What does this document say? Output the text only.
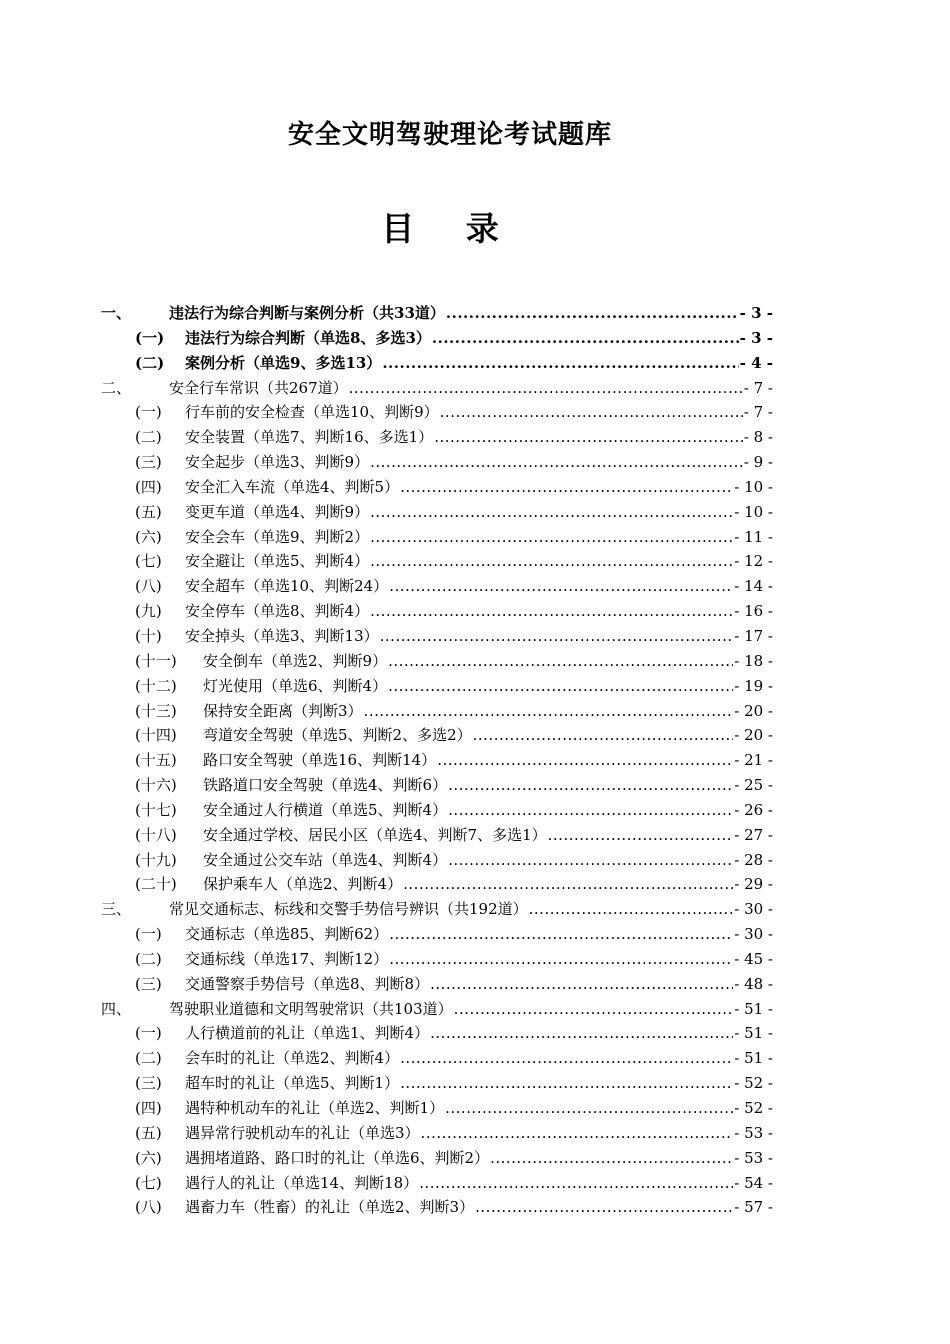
安全文明驾驶理论考试题库
目 录
一、	违法行为综合判断与案例分析（共33道） .....	- 3 -
(一)	违法行为综合判断（单选8、多选3） .....	- 3 -
(二)	案例分析（单选9、多选13） .....	- 4 -
二、	安全行车常识（共267道） .....	- 7 -
(一)	行车前的安全检查（单选10、判断9） .....	- 7 -
(二)	安全装置（单选7、判断16、多选1） .....	- 8 -
(三)	安全起步（单选3、判断9） .....	- 9 -
(四)	安全汇入车流（单选4、判断5） .....	- 10 -
(五)	变更车道（单选4、判断9） .....	- 10 -
(六)	安全会车（单选9、判断2） .....	- 11 -
(七)	安全避让（单选5、判断4） .....	- 12 -
(八)	安全超车（单选10、判断24） .....	- 14 -
(九)	安全停车（单选8、判断4） .....	- 16 -
(十)	安全掉头（单选3、判断13） .....	- 17 -
(十一)	安全倒车（单选2、判断9） .....	- 18 -
(十二)	灯光使用（单选6、判断4） .....	- 19 -
(十三)	保持安全距离（判断3） .....	- 20 -
(十四)	弯道安全驾驶（单选5、判断2、多选2） .....	- 20 -
(十五)	路口安全驾驶（单选16、判断14） .....	- 21 -
(十六)	铁路道口安全驾驶（单选4、判断6） .....	- 25 -
(十七)	安全通过人行横道（单选5、判断4） .....	- 26 -
(十八)	安全通过学校、居民小区（单选4、判断7、多选1） .....	- 27 -
(十九)	安全通过公交车站（单选4、判断4） .....	- 28 -
(二十)	保护乘车人（单选2、判断4） .....	- 29 -
三、	常见交通标志、标线和交警手势信号辨识（共192道） .....	- 30 -
(一)	交通标志（单选85、判断62） .....	- 30 -
(二)	交通标线（单选17、判断12） .....	- 45 -
(三)	交通警察手势信号（单选8、判断8） .....	- 48 -
四、	驾驶职业道德和文明驾驶常识（共103道） .....	- 51 -
(一)	人行横道前的礼让（单选1、判断4） .....	- 51 -
(二)	会车时的礼让（单选2、判断4） .....	- 51 -
(三)	超车时的礼让（单选5、判断1） .....	- 52 -
(四)	遇特种机动车的礼让（单选2、判断1） .....	- 52 -
(五)	遇异常行驶机动车的礼让（单选3） .....	- 53 -
(六)	遇拥堵道路、路口时的礼让（单选6、判断2） .....	- 53 -
(七)	遇行人的礼让（单选14、判断18） .....	- 54 -
(八)	遇畜力车（牲畜）的礼让（单选2、判断3） .....	- 57 -
